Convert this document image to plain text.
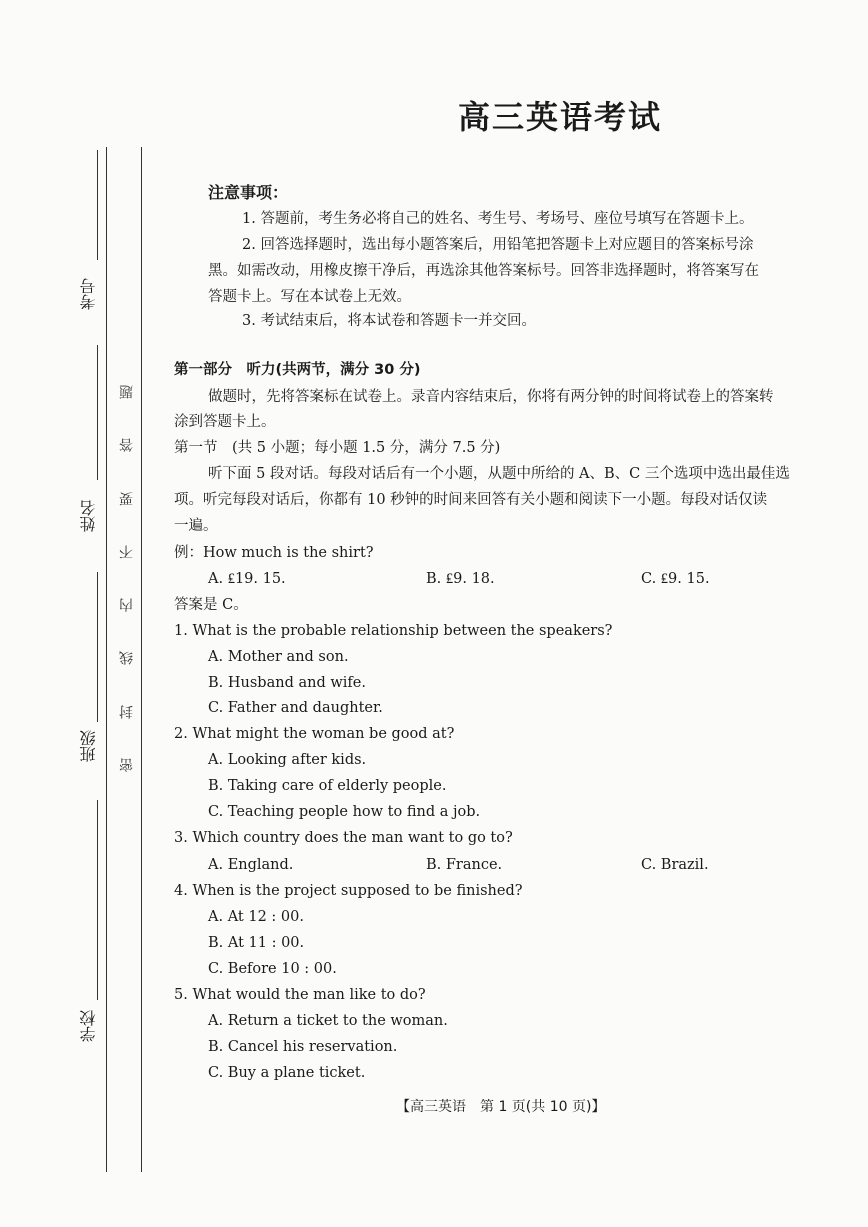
高三英语考试
考号
姓名
班级
学校
题
答
要
不
内
线
封
密
注意事项：
1. 答题前，考生务必将自己的姓名、考生号、考场号、座位号填写在答题卡上。
2. 回答选择题时，选出每小题答案后，用铅笔把答题卡上对应题目的答案标号涂
黑。如需改动，用橡皮擦干净后，再选涂其他答案标号。回答非选择题时，将答案写在
答题卡上。写在本试卷上无效。
3. 考试结束后，将本试卷和答题卡一并交回。
第一部分　听力(共两节，满分 30 分)
做题时，先将答案标在试卷上。录音内容结束后，你将有两分钟的时间将试卷上的答案转
涂到答题卡上。
第一节　(共 5 小题；每小题 1.5 分，满分 7.5 分)
听下面 5 段对话。每段对话后有一个小题，从题中所给的 A、B、C 三个选项中选出最佳选
项。听完每段对话后，你都有 10 秒钟的时间来回答有关小题和阅读下一小题。每段对话仅读
一遍。
例：How much is the shirt?
A. ₤19. 15.	B. ₤9. 18.	C. ₤9. 15.
答案是 C。
1. What is the probable relationship between the speakers?
A. Mother and son.
B. Husband and wife.
C. Father and daughter.
2. What might the woman be good at?
A. Looking after kids.
B. Taking care of elderly people.
C. Teaching people how to find a job.
3. Which country does the man want to go to?
A. England.	B. France.	C. Brazil.
4. When is the project supposed to be finished?
A. At 12 : 00.
B. At 11 : 00.
C. Before 10 : 00.
5. What would the man like to do?
A. Return a ticket to the woman.
B. Cancel his reservation.
C. Buy a plane ticket.
【高三英语　第 1 页(共 10 页)】
